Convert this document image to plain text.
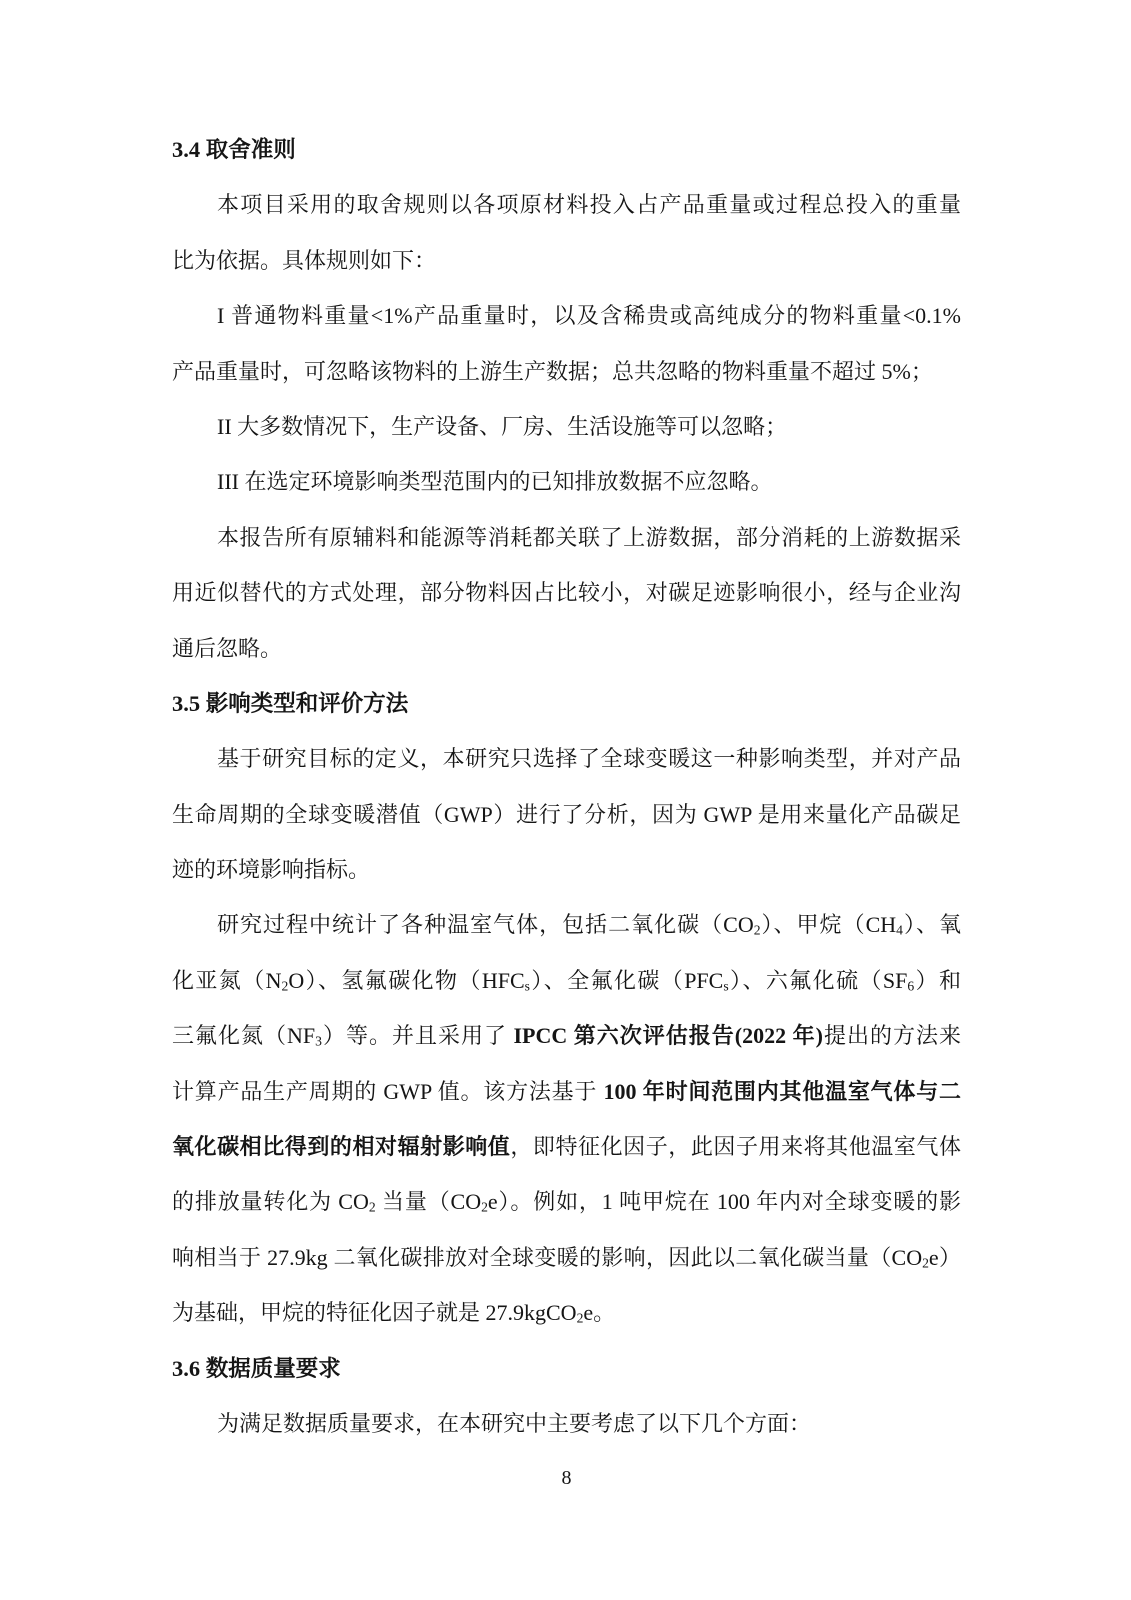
3.4 取舍准则
本项目采用的取舍规则以各项原材料投入占产品重量或过程总投入的重量
比为依据。具体规则如下：
I 普通物料重量<1%产品重量时，以及含稀贵或高纯成分的物料重量<0.1%
产品重量时，可忽略该物料的上游生产数据；总共忽略的物料重量不超过 5%；
II 大多数情况下，生产设备、厂房、生活设施等可以忽略；
III 在选定环境影响类型范围内的已知排放数据不应忽略。
本报告所有原辅料和能源等消耗都关联了上游数据，部分消耗的上游数据采
用近似替代的方式处理，部分物料因占比较小，对碳足迹影响很小，经与企业沟
通后忽略。
3.5 影响类型和评价方法
基于研究目标的定义，本研究只选择了全球变暖这一种影响类型，并对产品
生命周期的全球变暖潜值（GWP）进行了分析，因为 GWP 是用来量化产品碳足
迹的环境影响指标。
研究过程中统计了各种温室气体，包括二氧化碳$(CO_2)$、甲烷$(CH_4)$、氧
化亚氮$(N_2O)$、氢氟碳化物$(HFC_s)$、全氟化碳$(PFC_s)$、六氟化硫$(SF_6)$和
三氟化氮$(NF_3)$等。并且采用了 IPCC 第六次评估报告(2022 年)提出的方法来
计算产品生产周期的 GWP 值。该方法基于 100 年时间范围内其他温室气体与二
氧化碳相比得到的相对辐射影响值，即特征化因子，此因子用来将其他温室气体
的排放量转化为 $CO_2$ 当量$(CO_2e)$。例如，1 吨甲烷在 100 年内对全球变暖的影
响相当于 27.9kg 二氧化碳排放对全球变暖的影响，因此以二氧化碳当量$(CO_2e)$
为基础，甲烷的特征化因子就是 27.9kgCO$_2$e。
3.6 数据质量要求
为满足数据质量要求，在本研究中主要考虑了以下几个方面：
8
